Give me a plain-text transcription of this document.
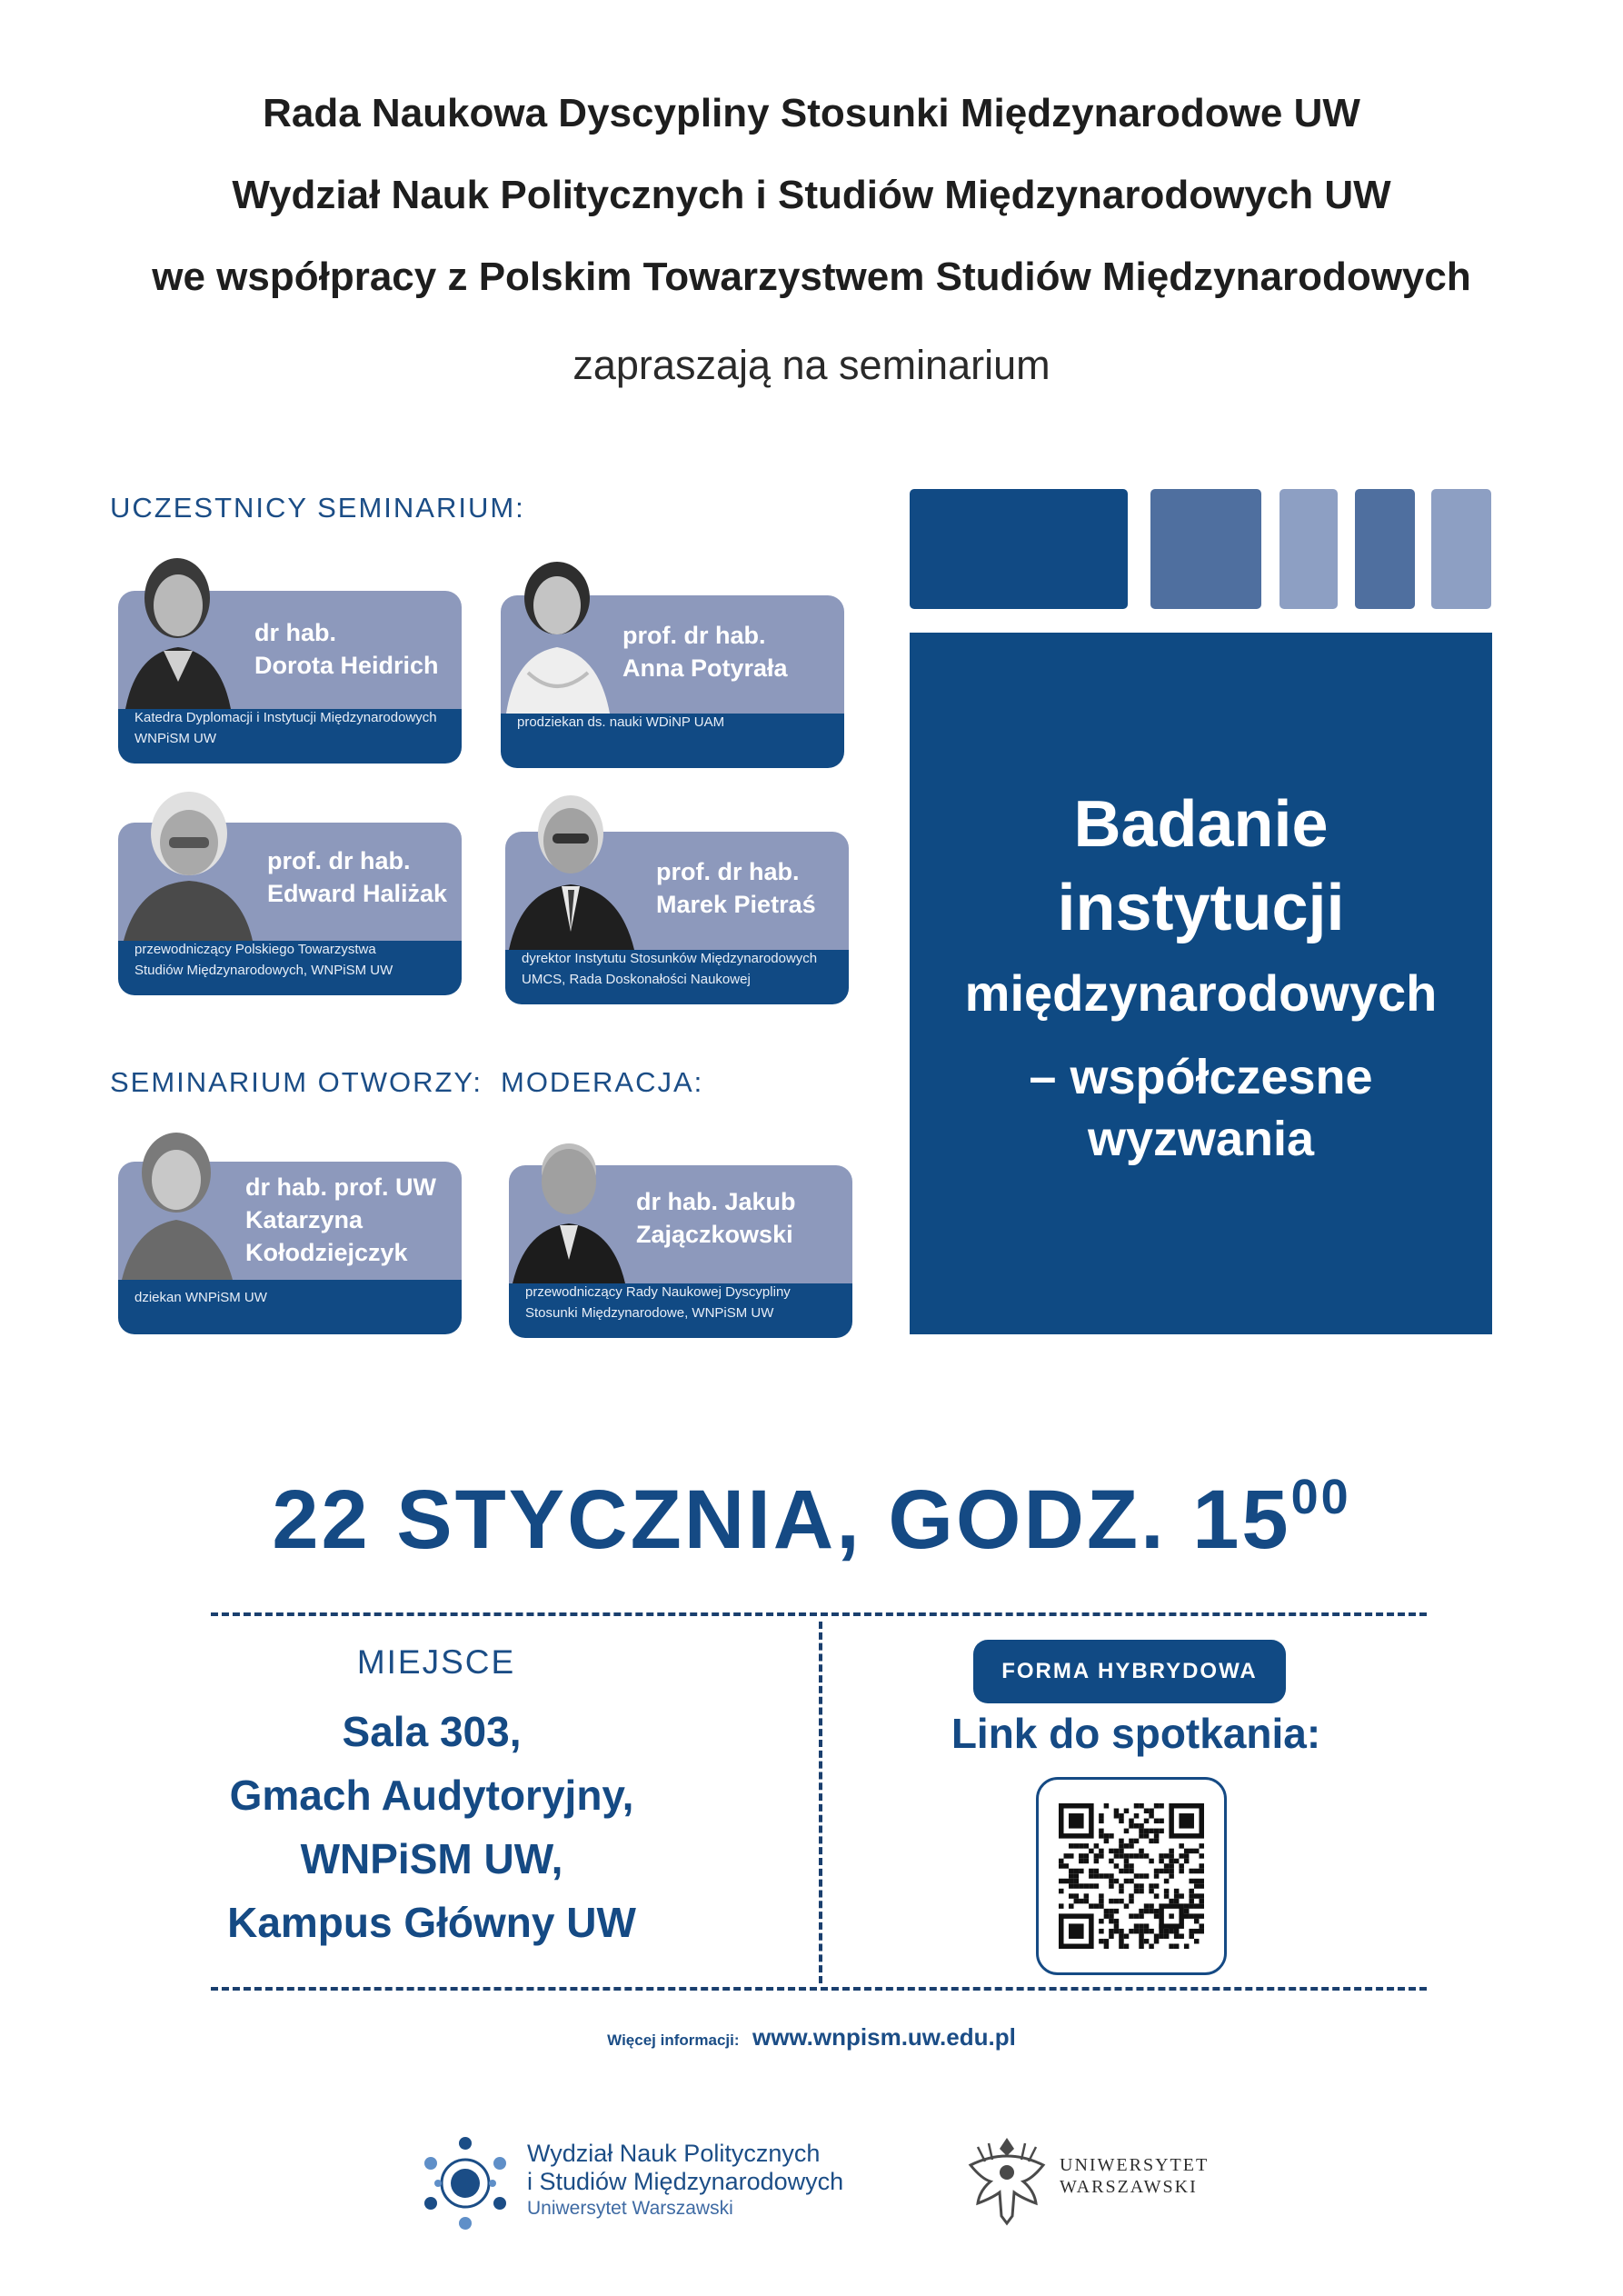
Rada Naukowa Dyscypliny Stosunki Międzynarodowe UW
Wydział Nauk Politycznych i Studiów Międzynarodowych UW
we współpracy z Polskim Towarzystwem Studiów Międzynarodowych
zapraszają na seminarium
UCZESTNICY SEMINARIUM:
SEMINARIUM OTWORZY: MODERACJA:
dr hab.
Dorota Heidrich
Katedra Dyplomacji i Instytucji Międzynarodowych
WNPiSM UW
prof. dr hab.
Anna Potyrała
prodziekan ds. nauki WDiNP UAM
prof. dr hab.
Edward Haliżak
przewodniczący Polskiego Towarzystwa
Studiów Międzynarodowych, WNPiSM UW
prof. dr hab.
Marek Pietraś
dyrektor Instytutu Stosunków Międzynarodowych
UMCS, Rada Doskonałości Naukowej
dr hab. prof. UW
Katarzyna
Kołodziejczyk
dziekan WNPiSM UW
dr hab. Jakub
Zajączkowski
przewodniczący Rady Naukowej Dyscypliny
Stosunki Międzynarodowe, WNPiSM UW
Badanie
instytucji
międzynarodowych
– współczesne
wyzwania
22 STYCZNIA, GODZ. $15^{00}$
MIEJSCE
Sala 303,
Gmach Audytoryjny,
WNPiSM UW,
Kampus Główny UW
FORMA HYBRYDOWA
Link do spotkania:
Więcej informacji: www.wnpism.uw.edu.pl
Wydział Nauk Politycznych
i Studiów Międzynarodowych
Uniwersytet Warszawski
UNIWERSYTET
WARSZAWSKI
